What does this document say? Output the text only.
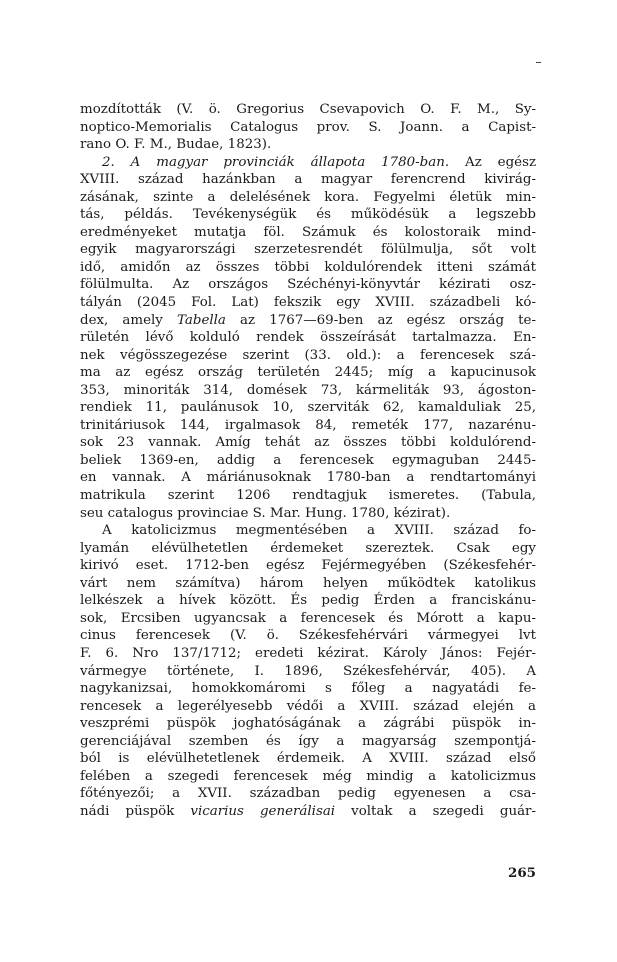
mozdították (V. ö. Gregorius Csevapovich O. F. M., Sy-
noptico-Memorialis Catalogus prov. S. Joann. a Capist-
rano O. F. M., Budae, 1823).
2. A magyar provinciák állapota 1780-ban. Az egész
XVIII. század hazánkban a magyar ferencrend kivirág-
zásának, szinte a delelésének kora. Fegyelmi életük min-
tás, példás. Tevékenységük és működésük a legszebb
eredményeket mutatja föl. Számuk és kolostoraik mind-
egyik magyarországi szerzetesrendét fölülmulja, sőt volt
idő, amidőn az összes többi koldulórendek itteni számát
fölülmulta. Az országos Széchényi-könyvtár kézirati osz-
tályán (2045 Fol. Lat) fekszik egy XVIII. századbeli kó-
dex, amely Tabella az 1767—69-ben az egész ország te-
rületén lévő kolduló rendek összeírását tartalmazza. En-
nek végösszegezése szerint (33. old.): a ferencesek szá-
ma az egész ország területén 2445; míg a kapucinusok
353, minoriták 314, domések 73, kármeliták 93, ágoston-
rendiek 11, paulánusok 10, szerviták 62, kamalduliak 25,
trinitáriusok 144, irgalmasok 84, remeték 177, nazarénu-
sok 23 vannak. Amíg tehát az összes többi koldulórend-
beliek 1369-en, addig a ferencesek egymaguban 2445-
en vannak. A máriánusoknak 1780-ban a rendtartományi
matrikula szerint 1206 rendtagjuk ismeretes. (Tabula,
seu catalogus provinciae S. Mar. Hung. 1780, kézirat).
A katolicizmus megmentésében a XVIII. század fo-
lyamán elévülhetetlen érdemeket szereztek. Csak egy
kirivó eset. 1712-ben egész Fejérmegyében (Székesfehér-
várt nem számítva) három helyen működtek katolikus
lelkészek a hívek között. És pedig Érden a franciskánu-
sok, Ercsiben ugyancsak a ferencesek és Mórott a kapu-
cinus ferencesek (V. ö. Székesfehérvári vármegyei lvt
F. 6. Nro 137/1712; eredeti kézirat. Károly János: Fejér-
vármegye története, I. 1896, Székesfehérvár, 405). A
nagykanizsai, homokkomáromi s főleg a nagyatádi fe-
rencesek a legerélyesebb védői a XVIII. század elején a
veszprémi püspök joghatóságának a zágrábi püspök in-
gerenciájával szemben és így a magyarság szempontjá-
ból is elévülhetetlenek érdemeik. A XVIII. század első
felében a szegedi ferencesek még mindig a katolicizmus
főtényezői; a XVII. században pedig egyenesen a csa-
nádi püspök vicarius generálisai voltak a szegedi guár-
265
